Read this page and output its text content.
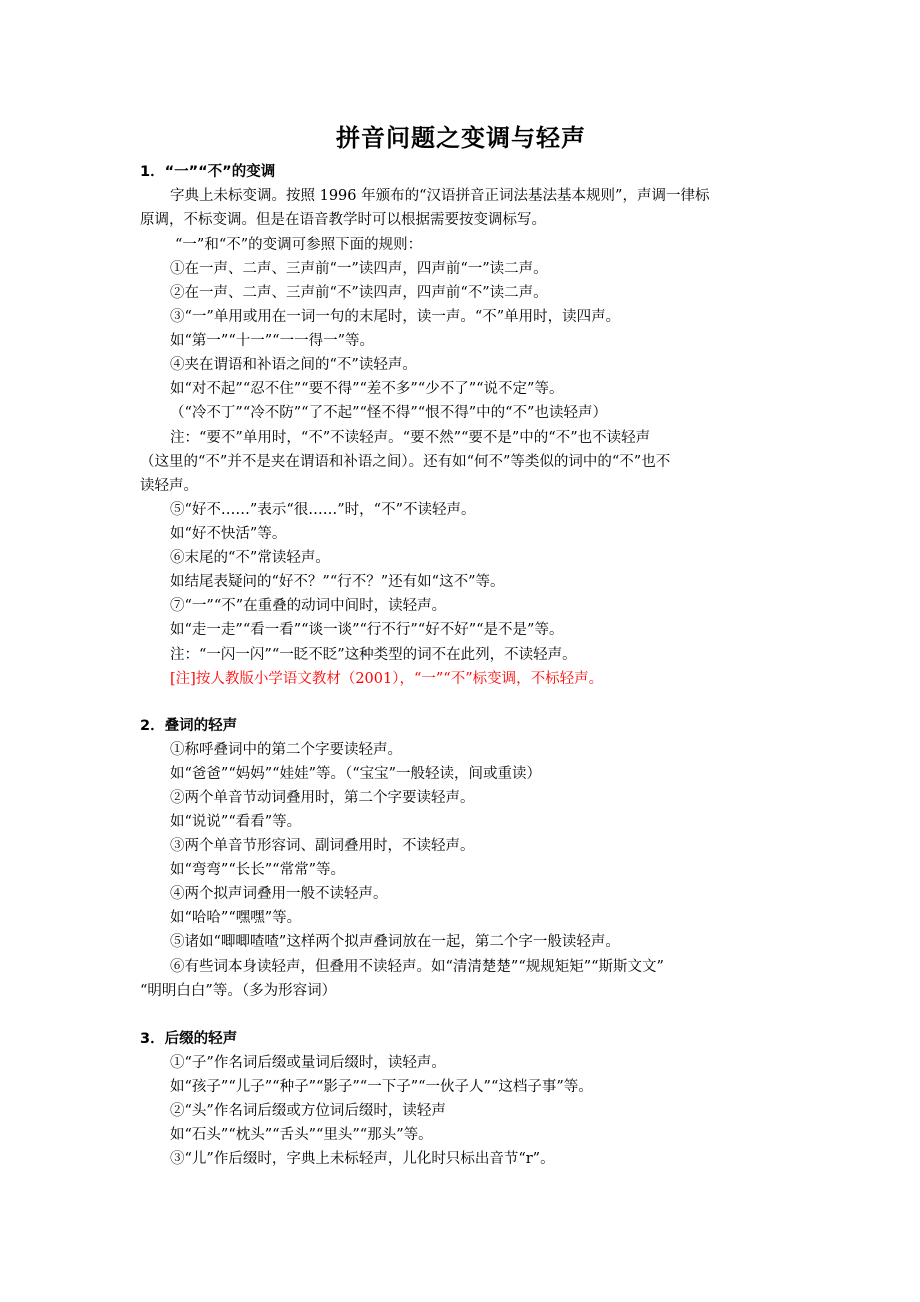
拼音问题之变调与轻声
1．“一”“不”的变调
字典上未标变调。按照 1996 年颁布的“汉语拼音正词法基法基本规则”，声调一律标
原调，不标变调。但是在语音教学时可以根据需要按变调标写。
“一”和“不”的变调可参照下面的规则：
①在一声、二声、三声前“一”读四声，四声前“一”读二声。
②在一声、二声、三声前“不”读四声，四声前“不”读二声。
③“一”单用或用在一词一句的末尾时，读一声。“不”单用时，读四声。
如“第一”“十一”“一一得一”等。
④夹在谓语和补语之间的“不”读轻声。
如“对不起”“忍不住”“要不得”“差不多”“少不了”“说不定”等。
（“冷不丁”“冷不防”“了不起”“怪不得”“恨不得”中的“不”也读轻声）
注：“要不”单用时，“不”不读轻声。“要不然”“要不是”中的“不”也不读轻声
（这里的“不”并不是夹在谓语和补语之间）。还有如“何不”等类似的词中的“不”也不
读轻声。
⑤“好不……”表示“很……”时，“不”不读轻声。
如“好不快活”等。
⑥末尾的“不”常读轻声。
如结尾表疑问的“好不？”“行不？”还有如“这不”等。
⑦“一”“不”在重叠的动词中间时，读轻声。
如“走一走”“看一看”“谈一谈”“行不行”“好不好”“是不是”等。
注：“一闪一闪”“一眨不眨”这种类型的词不在此列，不读轻声。
[注]按人教版小学语文教材（2001），“一”“不”标变调，不标轻声。
2．叠词的轻声
①称呼叠词中的第二个字要读轻声。
如“爸爸”“妈妈”“娃娃”等。（“宝宝”一般轻读，间或重读）
②两个单音节动词叠用时，第二个字要读轻声。
如“说说”“看看”等。
③两个单音节形容词、副词叠用时，不读轻声。
如“弯弯”“长长”“常常”等。
④两个拟声词叠用一般不读轻声。
如“哈哈”“嘿嘿”等。
⑤诸如“唧唧喳喳”这样两个拟声叠词放在一起，第二个字一般读轻声。
⑥有些词本身读轻声，但叠用不读轻声。如“清清楚楚”“规规矩矩”“斯斯文文”
“明明白白”等。（多为形容词）
3．后缀的轻声
①“子”作名词后缀或量词后缀时，读轻声。
如“孩子”“儿子”“种子”“影子”“一下子”“一伙子人”“这档子事”等。
②“头”作名词后缀或方位词后缀时，读轻声
如“石头”“枕头”“舌头”“里头”“那头”等。
③“儿”作后缀时，字典上未标轻声，儿化时只标出音节“r”。
